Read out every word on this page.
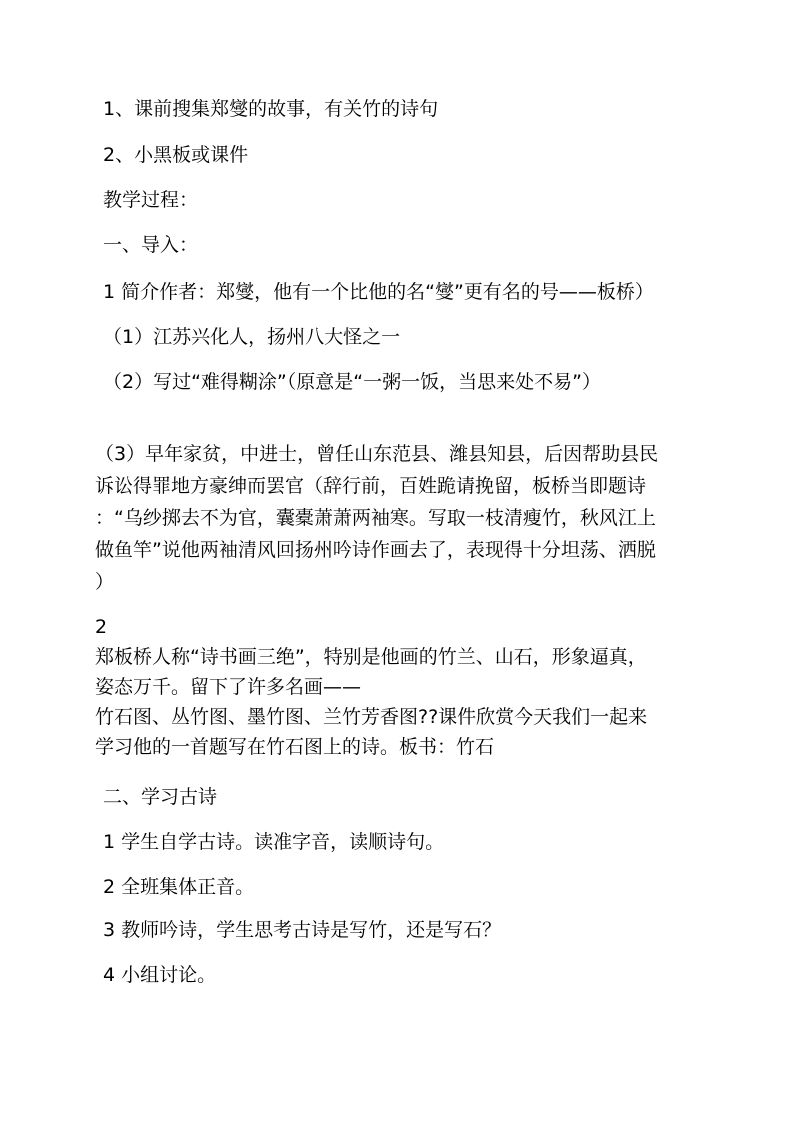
1、课前搜集郑燮的故事，有关竹的诗句
2、小黑板或课件
教学过程：
一、导入：
1 简介作者：郑燮，他有一个比他的名“燮”更有名的号——板桥）
（1）江苏兴化人，扬州八大怪之一
（2）写过“难得糊涂”（原意是“一粥一饭，当思来处不易”）
（3）早年家贫，中进士，曾任山东范县、潍县知县，后因帮助县民
诉讼得罪地方豪绅而罢官（辞行前，百姓跪请挽留，板桥当即题诗
：“乌纱掷去不为官，囊橐萧萧两袖寒。写取一枝清瘦竹，秋风江上
做鱼竿”说他两袖清风回扬州吟诗作画去了，表现得十分坦荡、洒脱
）
2
郑板桥人称“诗书画三绝”，特别是他画的竹兰、山石，形象逼真，
姿态万千。留下了许多名画——
竹石图、丛竹图、墨竹图、兰竹芳香图??课件欣赏今天我们一起来
学习他的一首题写在竹石图上的诗。板书：竹石
二、学习古诗
1 学生自学古诗。读准字音，读顺诗句。
2 全班集体正音。
3 教师吟诗，学生思考古诗是写竹，还是写石？
4 小组讨论。
